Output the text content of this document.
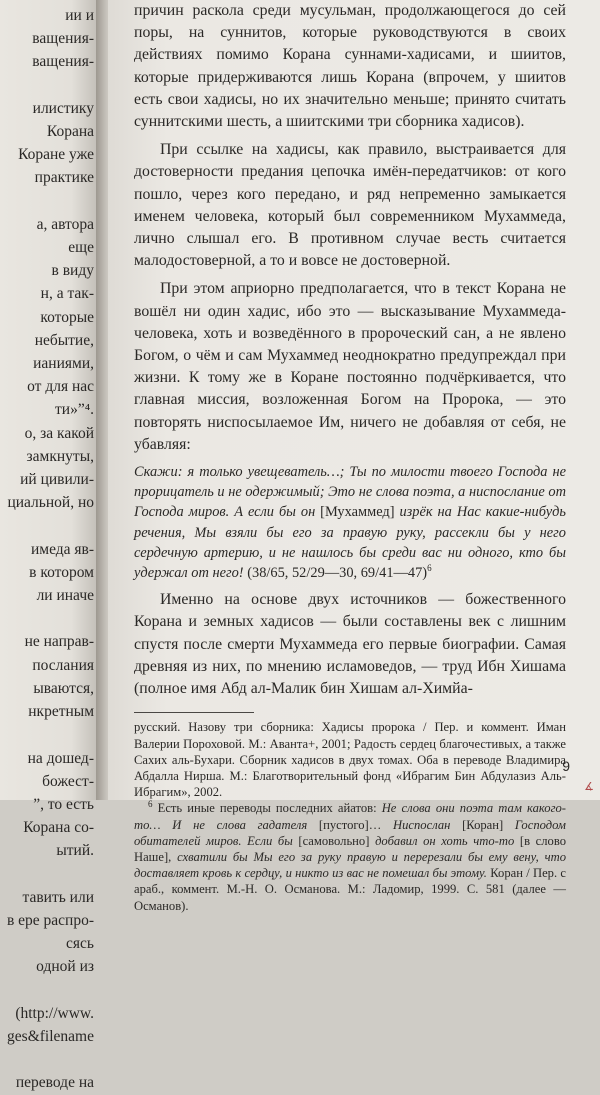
ии и
ващения-
ващения-

илистику
Корана
Коране уже
практике

а, автора
еще
в виду
н, а так-
которые
небытие,
ианиями,
от для нас
ти»”⁴.
о, за какой
замкнуты,
ий цивили-
циальной, но

имеда яв-
в котором
ли иначе

не направ-
послания
ываются,
нкретным

на дошед-
божест-
”, то есть
Корана со-
ытий.

тавить или
в ере распро-
сясь
одной из

(http://www.
ges&filename

переводе на

причин раскола среди мусульман, продолжающегося до сей поры, на суннитов, которые руководствуются в своих действиях помимо Корана суннами-хадисами, и шиитов, которые придерживаются лишь Корана (впрочем, у шиитов есть свои хадисы, но их значительно меньше; принято считать суннитскими шесть, а шиитскими три сборника хадисов).

При ссылке на хадисы, как правило, выстраивается для достоверности предания цепочка имён-передатчиков: от кого пошло, через кого передано, и ряд непременно замыкается именем человека, который был современником Мухаммеда, лично слышал его. В противном случае весть считается малодостоверной, а то и вовсе не достоверной.

При этом априорно предполагается, что в текст Корана не вошёл ни один хадис, ибо это — высказывание Мухаммеда-человека, хоть и возведённого в пророческий сан, а не явлено Богом, о чём и сам Мухаммед неоднократно предупреждал при жизни. К тому же в Коране постоянно подчёркивается, что главная миссия, возложенная Богом на Пророка, — это повторять ниспосылаемое Им, ничего не добавляя от себя, не убавляя:

Скажи: я только увещеватель…; Ты по милости твоего Господа не прорицатель и не одержимый; Это не слова поэта, а ниспослание от Господа миров. А если бы он [Мухаммед] изрёк на Нас какие-нибудь речения, Мы взяли бы его за правую руку, рассекли бы у него сердечную артерию, и не нашлось бы среди вас ни одного, кто бы удержал от него! (38/65, 52/29—30, 69/41—47)$^6$

Именно на основе двух источников — божественного Корана и земных хадисов — были составлены век с лишним спустя после смерти Мухаммеда его первые биографии. Самая древняя из них, по мнению исламоведов, — труд Ибн Хишама (полное имя Абд ал-Малик бин Хишам ал-Химйа-

русский. Назову три сборника: Хадисы пророка / Пер. и коммент. Иман Валерии Пороховой. М.: Аванта+, 2001; Радость сердец благочестивых, а также Сахих аль-Бухари. Сборник хадисов в двух томах. Оба в переводе Владимира Абдалла Нирша. М.: Благотворительный фонд «Ибрагим Бин Абдулазиз Аль-Ибрагим», 2002.

$^6$ Есть иные переводы последних айатов: Не слова они поэта там какого-то… И не слова гадателя [пустого]… Ниспослан [Коран] Господом обитателей миров. Если бы [самовольно] добавил он хоть что-то [в слово Наше], схватили бы Мы его за руку правую и перерезали бы ему вену, что доставляет кровь к сердцу, и никто из вас не помешал бы этому. Коран / Пер. с араб., коммент. М.-Н. О. Османова. М.: Ладомир, 1999. С. 581 (далее — Османов).

9
∡
